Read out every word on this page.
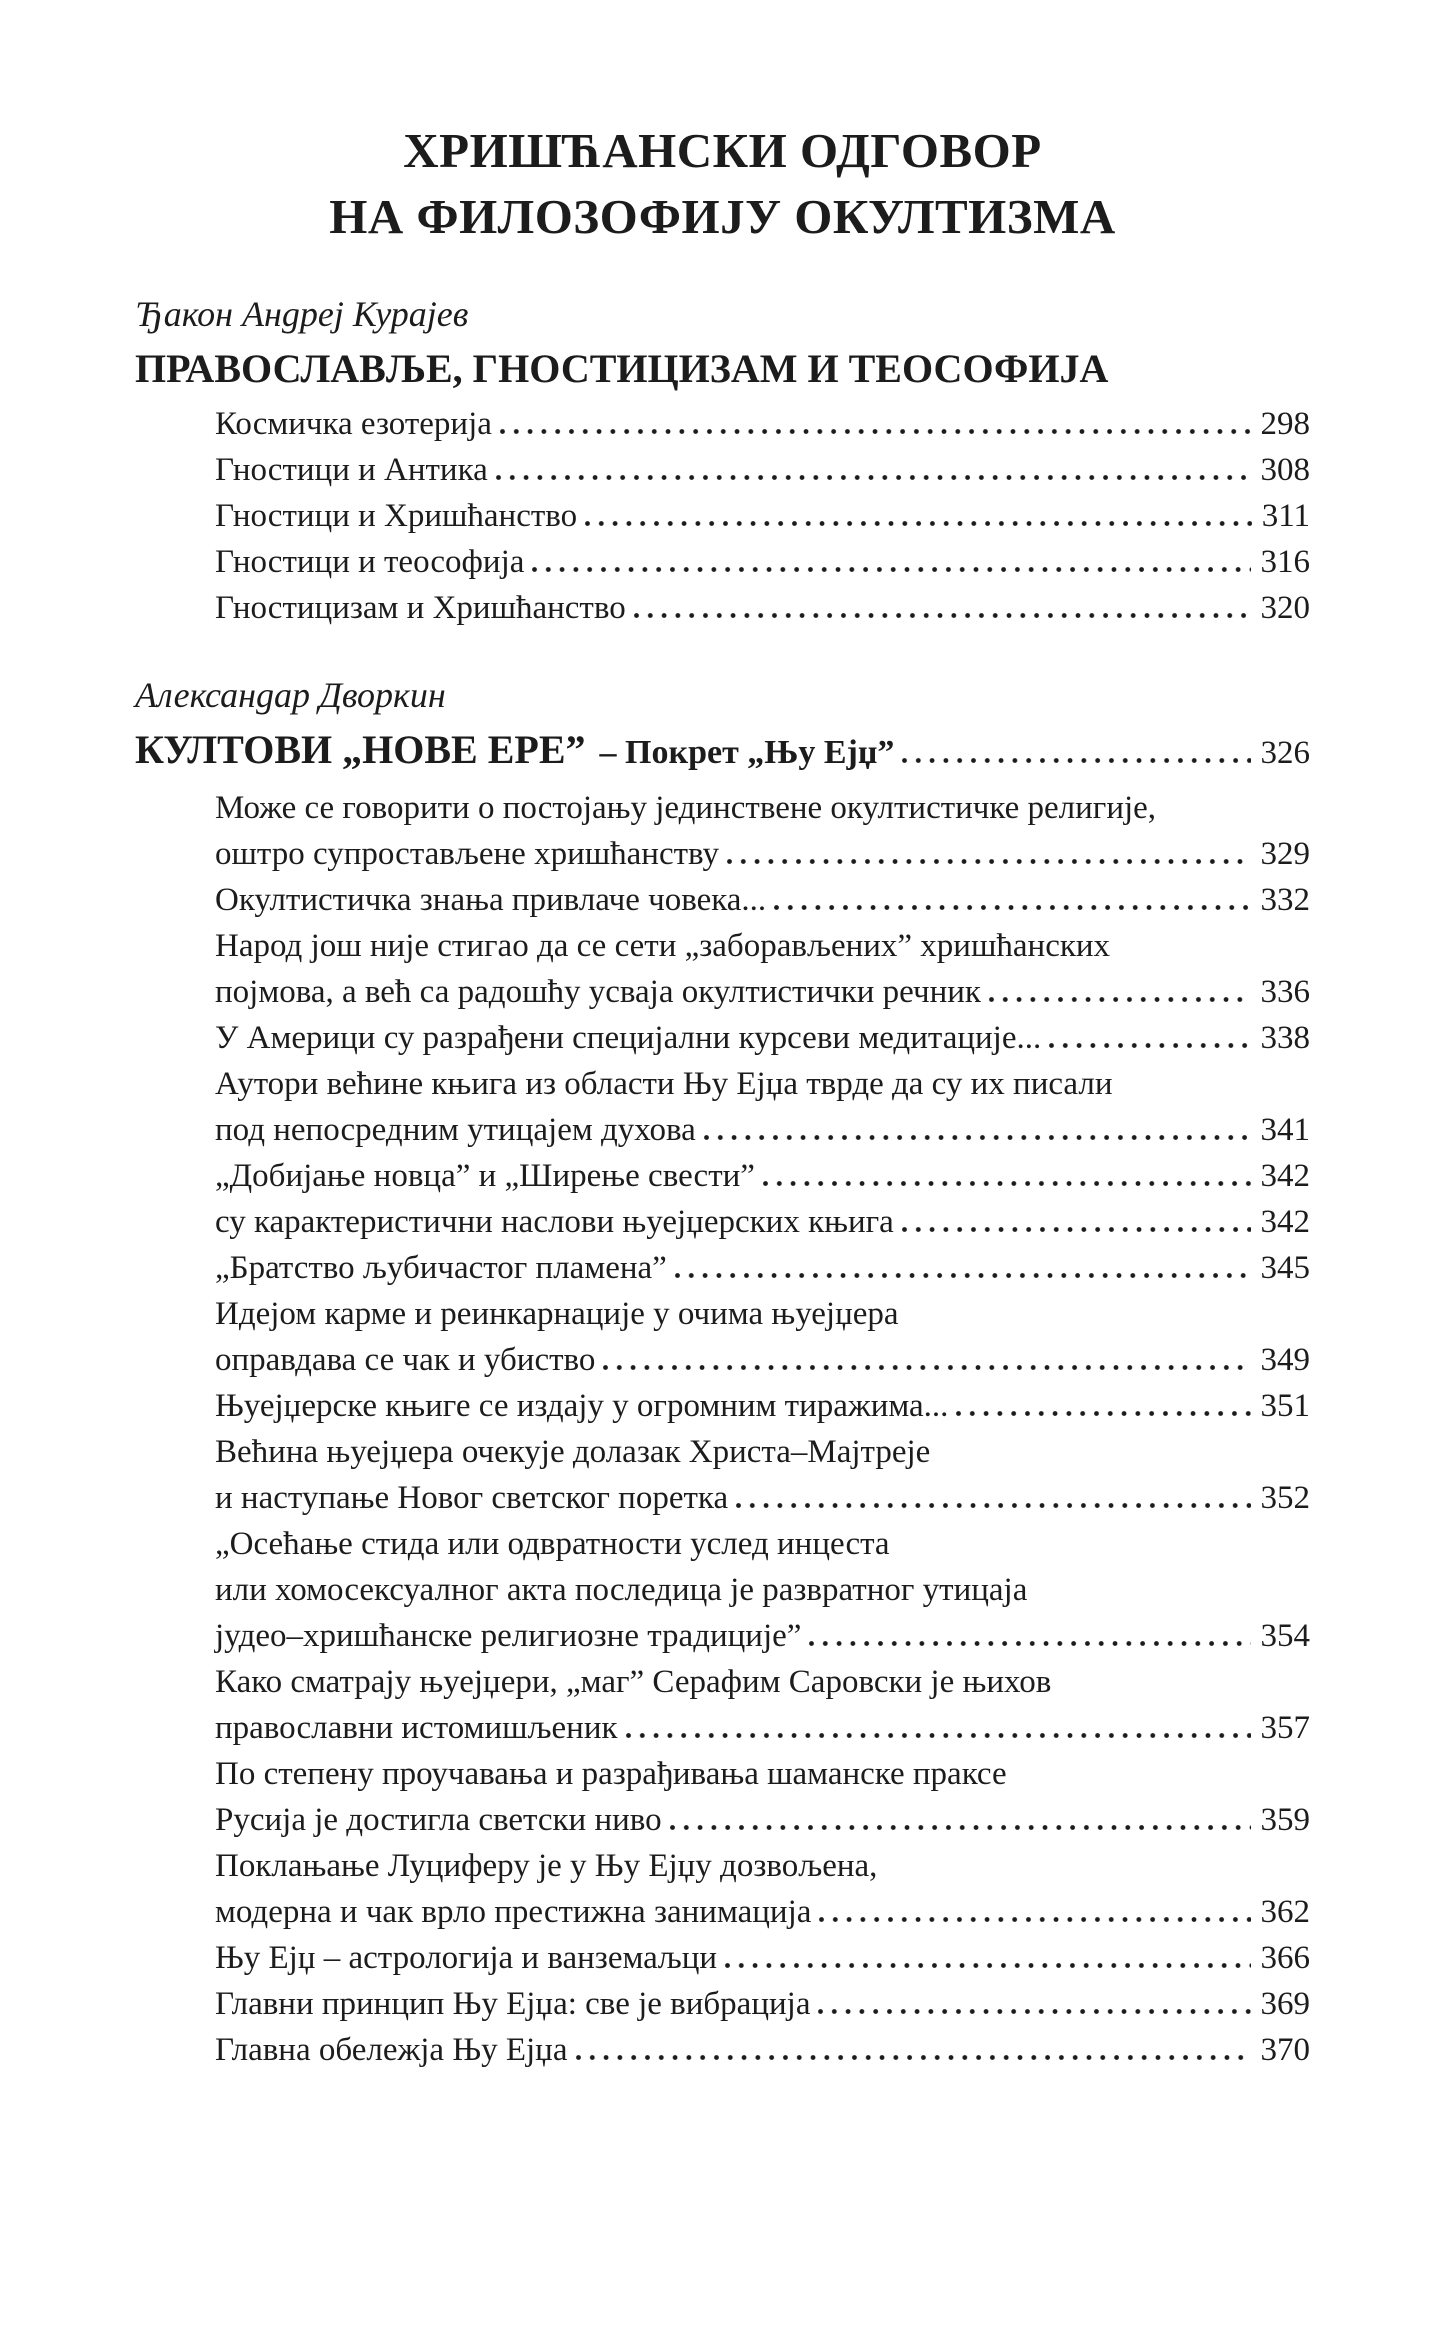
ХРИШЋАНСКИ ОДГОВОР
НА ФИЛОЗОФИЈУ ОКУЛТИЗМА
Ђакон Андреј Курајев
ПРАВОСЛАВЉЕ, ГНОСТИЦИЗАМ И ТЕОСОФИЈА
Космичка езотерија	298
Гностици и Антика	308
Гностици и Хришћанство	311
Гностици и теософија	316
Гностицизам и Хришћанство	320
Александар Дворкин
КУЛТОВИ „НОВЕ ЕРЕ” – Покрет „Њу Ејџ”	326
Може се говорити о постојању јединствене окултистичке религије,
оштро супростављене хришћанству	329
Окултистичка знања привлаче човека...	332
Народ још није стигао да се сети „заборављених” хришћанских
појмова, а већ са радошћу усваја окултистички речник	336
У Америци су разрађени специјални курсеви медитације...	338
Аутори већине књига из области Њу Ејџа тврде да су их писали
под непосредним утицајем духова	341
„Добијање новца” и „Ширење свести”	342
су карактеристични наслови њуејџерских књига	342
„Братство љубичастог пламена”	345
Идејом карме и реинкарнације у очима њуејџера
оправдава се чак и убиство	349
Њуејџерске књиге се издају у огромним тиражима...	351
Већина њуејџера очекује долазак Христа–Мајтреје
и наступање Новог светског поретка	352
„Осећање стида или одвратности услед инцеста
или хомосексуалног акта последица је развратног утицаја
јудео–хришћанске религиозне традиције”	354
Како сматрају њуејџери, „маг” Серафим Саровски је њихов
православни истомишљеник	357
По степену проучавања и разрађивања шаманске праксе
Русија је достигла светски ниво	359
Поклањање Луциферу је у Њу Ејџу дозвољена,
модерна и чак врло престижна занимација	362
Њу Ејџ – астрологија и ванземаљци	366
Главни принцип Њу Ејџа: све је вибрација	369
Главна обележја Њу Ејџа	370
